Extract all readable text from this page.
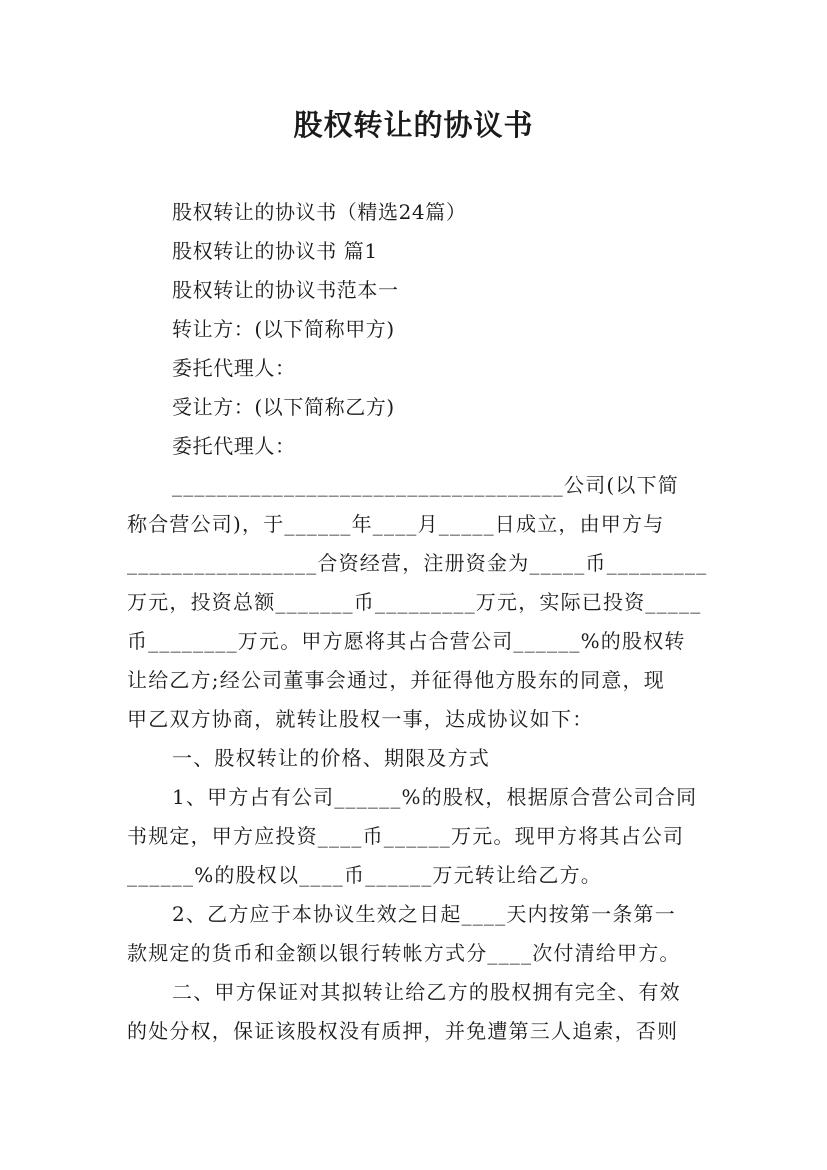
股权转让的协议书

股权转让的协议书（精选24篇）

股权转让的协议书 篇1

股权转让的协议书范本一

转让方：(以下简称甲方)

委托代理人：

受让方：(以下简称乙方)

委托代理人：

___________________________________公司(以下简

称合营公司)，于______年____月_____日成立，由甲方与

_________________合资经营，注册资金为_____币_________

万元，投资总额_______币_________万元，实际已投资_____

币________万元。甲方愿将其占合营公司______%的股权转

让给乙方;经公司董事会通过，并征得他方股东的同意，现

甲乙双方协商，就转让股权一事，达成协议如下：

一、股权转让的价格、期限及方式

1、甲方占有公司______%的股权，根据原合营公司合同

书规定，甲方应投资____币______万元。现甲方将其占公司

______%的股权以____币______万元转让给乙方。

2、乙方应于本协议生效之日起____天内按第一条第一

款规定的货币和金额以银行转帐方式分____次付清给甲方。

二、甲方保证对其拟转让给乙方的股权拥有完全、有效

的处分权，保证该股权没有质押，并免遭第三人追索，否则
